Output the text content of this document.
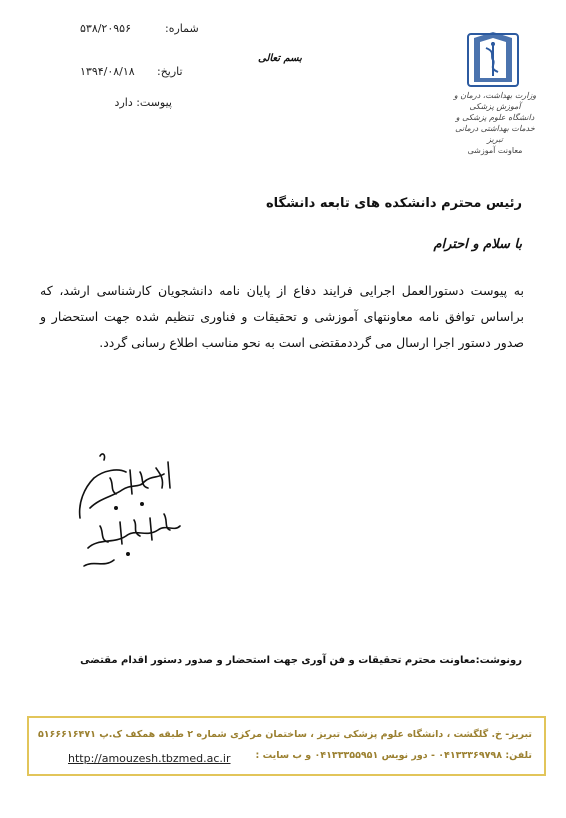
شماره:
۵۳۸/۲۰۹۵۶
تاریخ:
۱۳۹۴/۰۸/۱۸
پیوست: دارد
بسم تعالی
وزارت بهداشت، درمان و آموزش پزشکی
دانشگاه علوم پزشکی و خدمات بهداشتی درمانی تبریز
معاونت آموزشی
رئیس محترم دانشکده های تابعه دانشگاه
با سلام و احترام
به پیوست دستورالعمل اجرایی فرایند دفاع از پایان نامه دانشجویان کارشناسی ارشد، که براساس توافق نامه معاونتهای آموزشی و تحقیقات و فناوری تنظیم شده جهت استحضار و صدور دستور اجرا ارسال می گرددمقتضی است به نحو مناسب اطلاع رسانی گردد.
رونوشت:معاونت محترم تحقیقات و فن آوری جهت استحضار و صدور دستور اقدام مقتضی
تبریز- خ. گلگشت ، دانشگاه علوم پزشکی تبریز ، ساختمان مرکزی شماره ۲ طبقه همکف ک.پ ۵۱۶۶۶۱۶۴۷۱
تلفن: ۰۴۱۳۳۳۶۹۷۹۸ - دور نویس ۰۴۱۳۳۳۵۵۹۵۱ و ب سایت :
http://amouzesh.tbzmed.ac.ir
